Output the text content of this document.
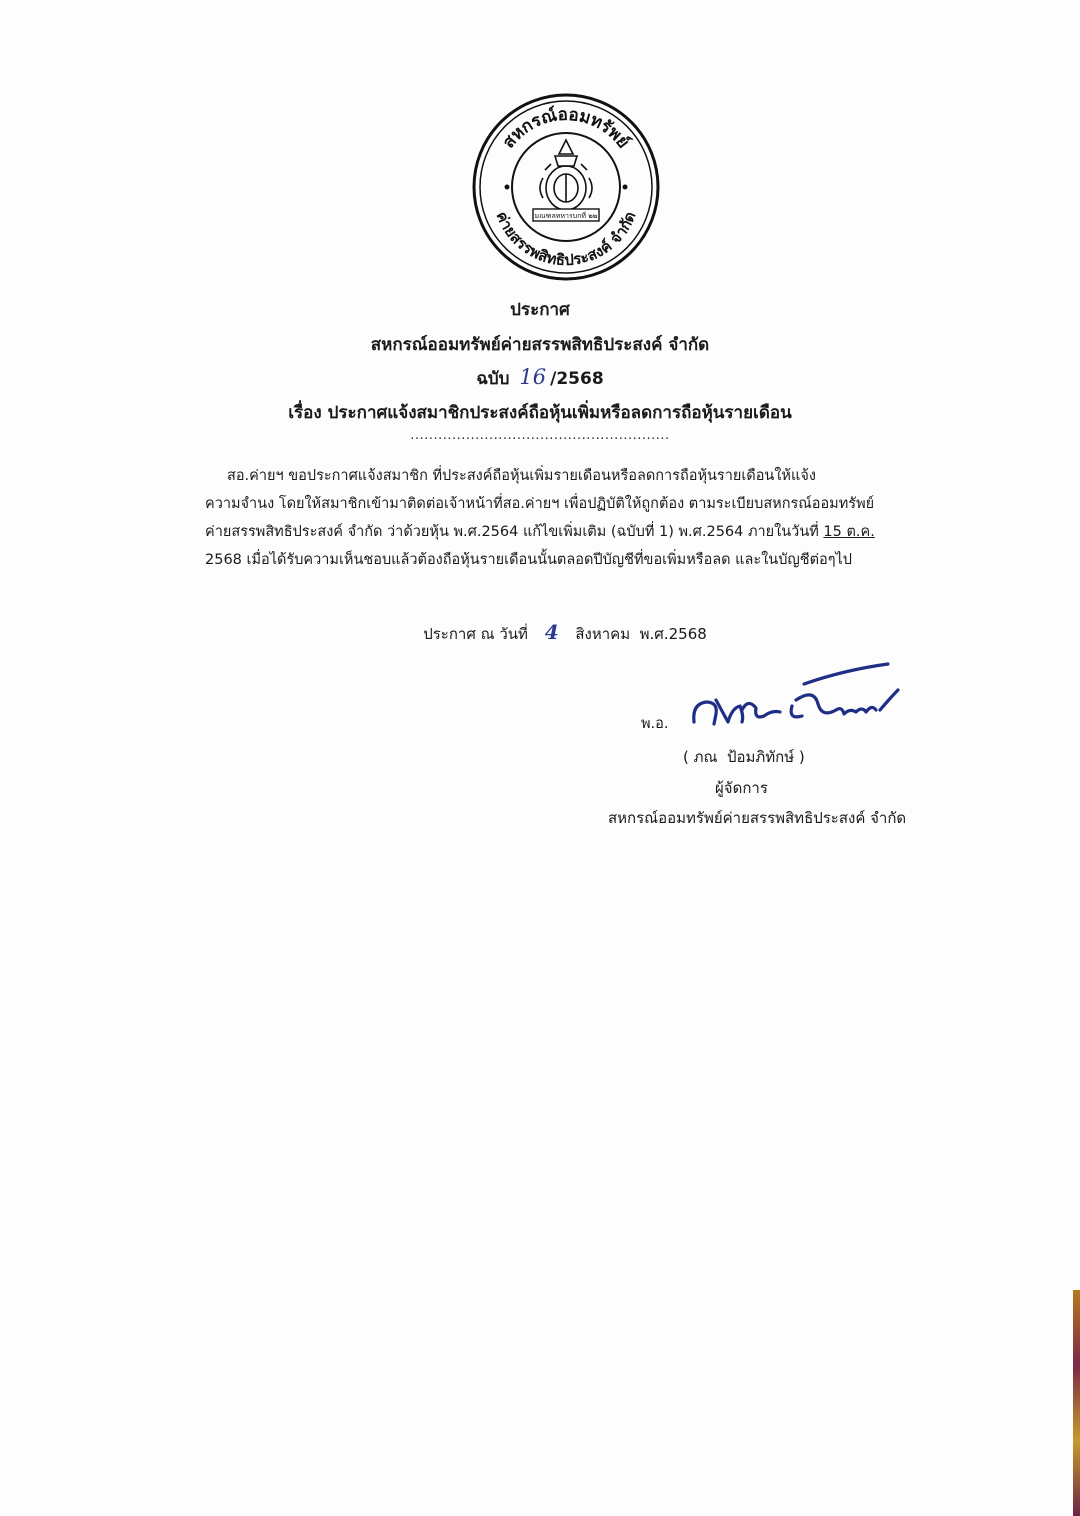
สหกรณ์ออมทรัพย์
ค่ายสรรพสิทธิประสงค์ จำกัด
มณฑลทหารบกที่ ๒๒
ประกาศ
สหกรณ์ออมทรัพย์ค่ายสรรพสิทธิประสงค์ จำกัด
ฉบับ 16 /2568
เรื่อง ประกาศแจ้งสมาชิกประสงค์ถือหุ้นเพิ่มหรือลดการถือหุ้นรายเดือน
........................................................
สอ.ค่ายฯ ขอประกาศแจ้งสมาชิก ที่ประสงค์ถือหุ้นเพิ่มรายเดือนหรือลดการถือหุ้นรายเดือนให้แจ้ง
ความจำนง โดยให้สมาชิกเข้ามาติดต่อเจ้าหน้าที่สอ.ค่ายฯ เพื่อปฏิบัติให้ถูกต้อง ตามระเบียบสหกรณ์ออมทรัพย์
ค่ายสรรพสิทธิประสงค์ จำกัด ว่าด้วยหุ้น พ.ศ.2564 แก้ไขเพิ่มเติม (ฉบับที่ 1) พ.ศ.2564 ภายในวันที่ 15 ต.ค.
2568 เมื่อได้รับความเห็นชอบแล้วต้องถือหุ้นรายเดือนนั้นตลอดปีบัญชีที่ขอเพิ่มหรือลด และในบัญชีต่อๆไป
ประกาศ ณ วันที่ 4 สิงหาคม พ.ศ.2568
พ.อ.
( ภณ  ป้อมภิทักษ์ )
ผู้จัดการ
สหกรณ์ออมทรัพย์ค่ายสรรพสิทธิประสงค์ จำกัด
